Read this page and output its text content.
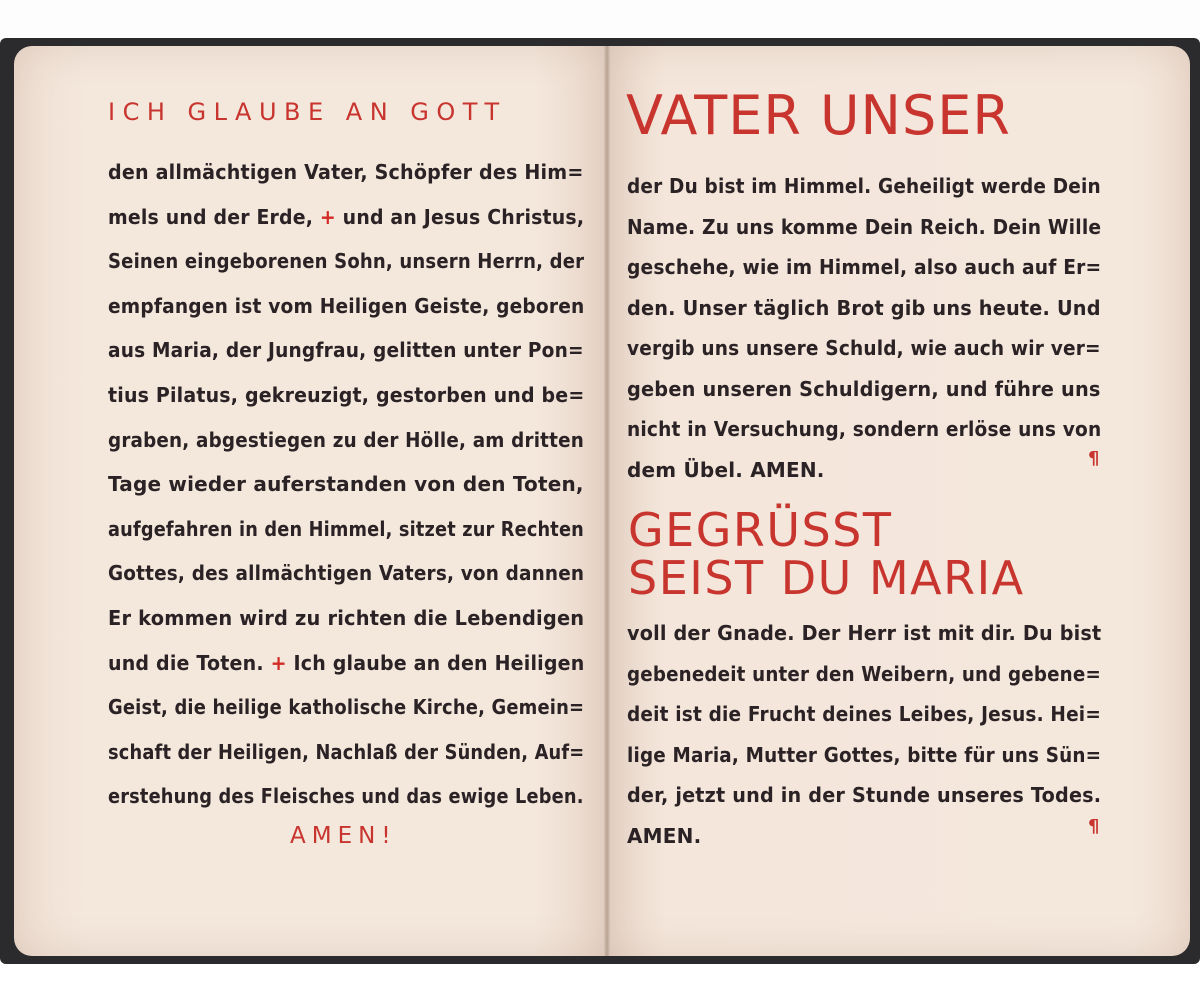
ICH GLAUBE AN GOTT
den allmächtigen Vater, Schöpfer des Him=
mels und der Erde, + und an Jesus Christus,
Seinen eingeborenen Sohn, unsern Herrn, der
empfangen ist vom Heiligen Geiste, geboren
aus Maria, der Jungfrau, gelitten unter Pon=
tius Pilatus, gekreuzigt, gestorben und be=
graben, abgestiegen zu der Hölle, am dritten
Tage wieder auferstanden von den Toten,
aufgefahren in den Himmel, sitzet zur Rechten
Gottes, des allmächtigen Vaters, von dannen
Er kommen wird zu richten die Lebendigen
und die Toten. + Ich glaube an den Heiligen
Geist, die heilige katholische Kirche, Gemein=
schaft der Heiligen, Nachlaß der Sünden, Auf=
erstehung des Fleisches und das ewige Leben.
AMEN!
VATER UNSER
der Du bist im Himmel. Geheiligt werde Dein
Name. Zu uns komme Dein Reich. Dein Wille
geschehe, wie im Himmel, also auch auf Er=
den. Unser täglich Brot gib uns heute. Und
vergib uns unsere Schuld, wie auch wir ver=
geben unseren Schuldigern, und führe uns
nicht in Versuchung, sondern erlöse uns von
dem Übel. AMEN.	¶
GEGRÜSST
SEIST DU MARIA
voll der Gnade. Der Herr ist mit dir. Du bist
gebenedeit unter den Weibern, und gebene=
deit ist die Frucht deines Leibes, Jesus. Hei=
lige Maria, Mutter Gottes, bitte für uns Sün=
der, jetzt und in der Stunde unseres Todes.
AMEN.	¶
